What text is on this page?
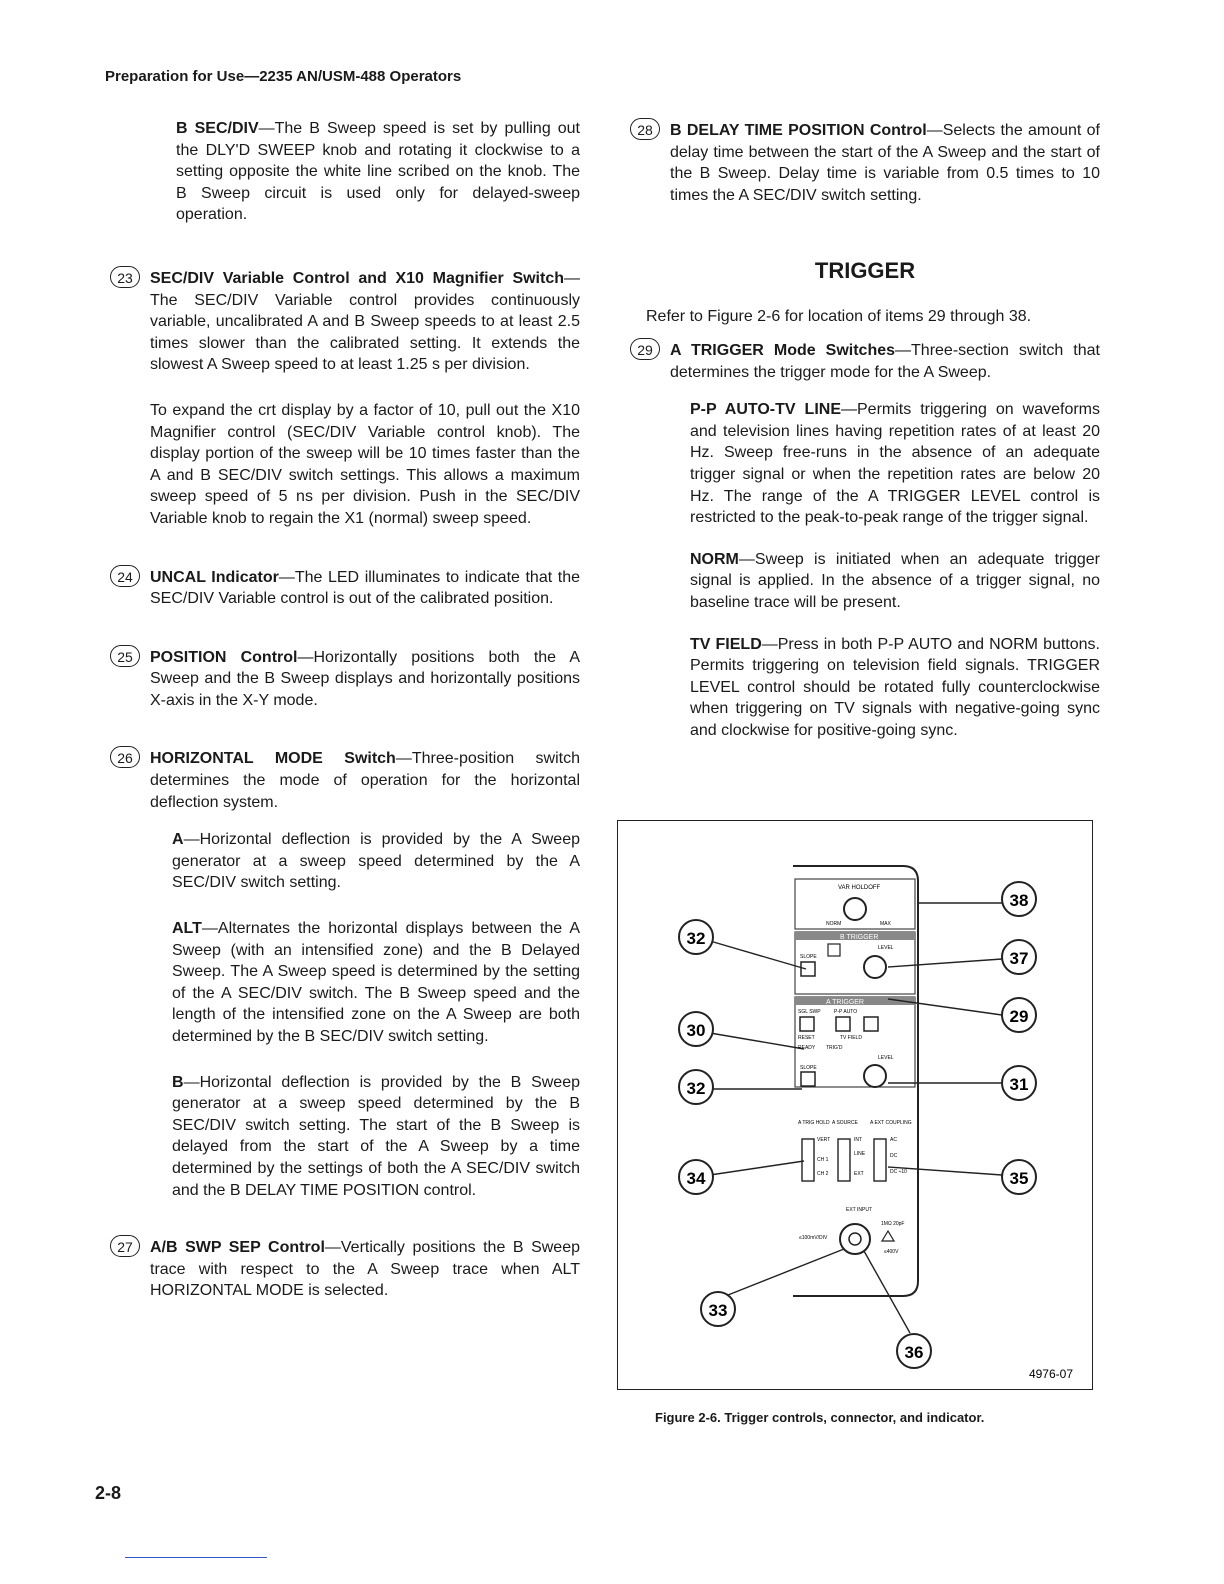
Preparation for Use—2235 AN/USM-488 Operators

B SEC/DIV—The B Sweep speed is set by pulling out the DLY'D SWEEP knob and rotating it clockwise to a setting opposite the white line scribed on the knob. The B Sweep circuit is used only for delayed-sweep operation.

23	SEC/DIV Variable Control and X10 Magnifier Switch—The SEC/DIV Variable control provides continuously variable, uncalibrated A and B Sweep speeds to at least 2.5 times slower than the calibrated setting. It extends the slowest A Sweep speed to at least 1.25 s per division.

To expand the crt display by a factor of 10, pull out the X10 Magnifier control (SEC/DIV Variable control knob). The display portion of the sweep will be 10 times faster than the A and B SEC/DIV switch settings. This allows a maximum sweep speed of 5 ns per division. Push in the SEC/DIV Variable knob to regain the X1 (normal) sweep speed.

24	UNCAL Indicator—The LED illuminates to indicate that the SEC/DIV Variable control is out of the calibrated position.

25	POSITION Control—Horizontally positions both the A Sweep and the B Sweep displays and horizontally positions X-axis in the X-Y mode.

26	HORIZONTAL MODE Switch—Three-position switch determines the mode of operation for the horizontal deflection system.

A—Horizontal deflection is provided by the A Sweep generator at a sweep speed determined by the A SEC/DIV switch setting.

ALT—Alternates the horizontal displays between the A Sweep (with an intensified zone) and the B Delayed Sweep. The A Sweep speed is determined by the setting of the A SEC/DIV switch. The B Sweep speed and the length of the intensified zone on the A Sweep are both determined by the B SEC/DIV switch setting.

B—Horizontal deflection is provided by the B Sweep generator at a sweep speed determined by the B SEC/DIV switch setting. The start of the B Sweep is delayed from the start of the A Sweep by a time determined by the settings of both the A SEC/DIV switch and the B DELAY TIME POSITION control.

27	A/B SWP SEP Control—Vertically positions the B Sweep trace with respect to the A Sweep trace when ALT HORIZONTAL MODE is selected.

28	B DELAY TIME POSITION Control—Selects the amount of delay time between the start of the A Sweep and the start of the B Sweep. Delay time is variable from 0.5 times to 10 times the A SEC/DIV switch setting.

TRIGGER

Refer to Figure 2-6 for location of items 29 through 38.

29	A TRIGGER Mode Switches—Three-section switch that determines the trigger mode for the A Sweep.

P-P AUTO-TV LINE—Permits triggering on waveforms and television lines having repetition rates of at least 20 Hz. Sweep free-runs in the absence of an adequate trigger signal or when the repetition rates are below 20 Hz. The range of the A TRIGGER LEVEL control is restricted to the peak-to-peak range of the trigger signal.

NORM—Sweep is initiated when an adequate trigger signal is applied. In the absence of a trigger signal, no baseline trace will be present.

TV FIELD—Press in both P-P AUTO and NORM buttons. Permits triggering on television field signals. TRIGGER LEVEL control should be rotated fully counterclockwise when triggering on TV signals with negative-going sync and clockwise for positive-going sync.

VAR HOLDOFF
NORM	MAX
B TRIGGER
SLOPE
LEVEL
A TRIGGER
SGL SWP	P-P AUTO
RESET	TV FIELD
READY TRIG'D
SLOPE
LEVEL
A TRIG HOLD A SOURCE A EXT COUPLING
VERT
CH 1
CH 2
INT
LINE
EXT
AC
DC
DC ÷10
EXT INPUT
≤100mV/DIV
1MΩ 20pF
≤400V
38
32
37
29
30
31
32
34	35
33
36
4976-07
Figure 2-6. Trigger controls, connector, and indicator.
2-8
